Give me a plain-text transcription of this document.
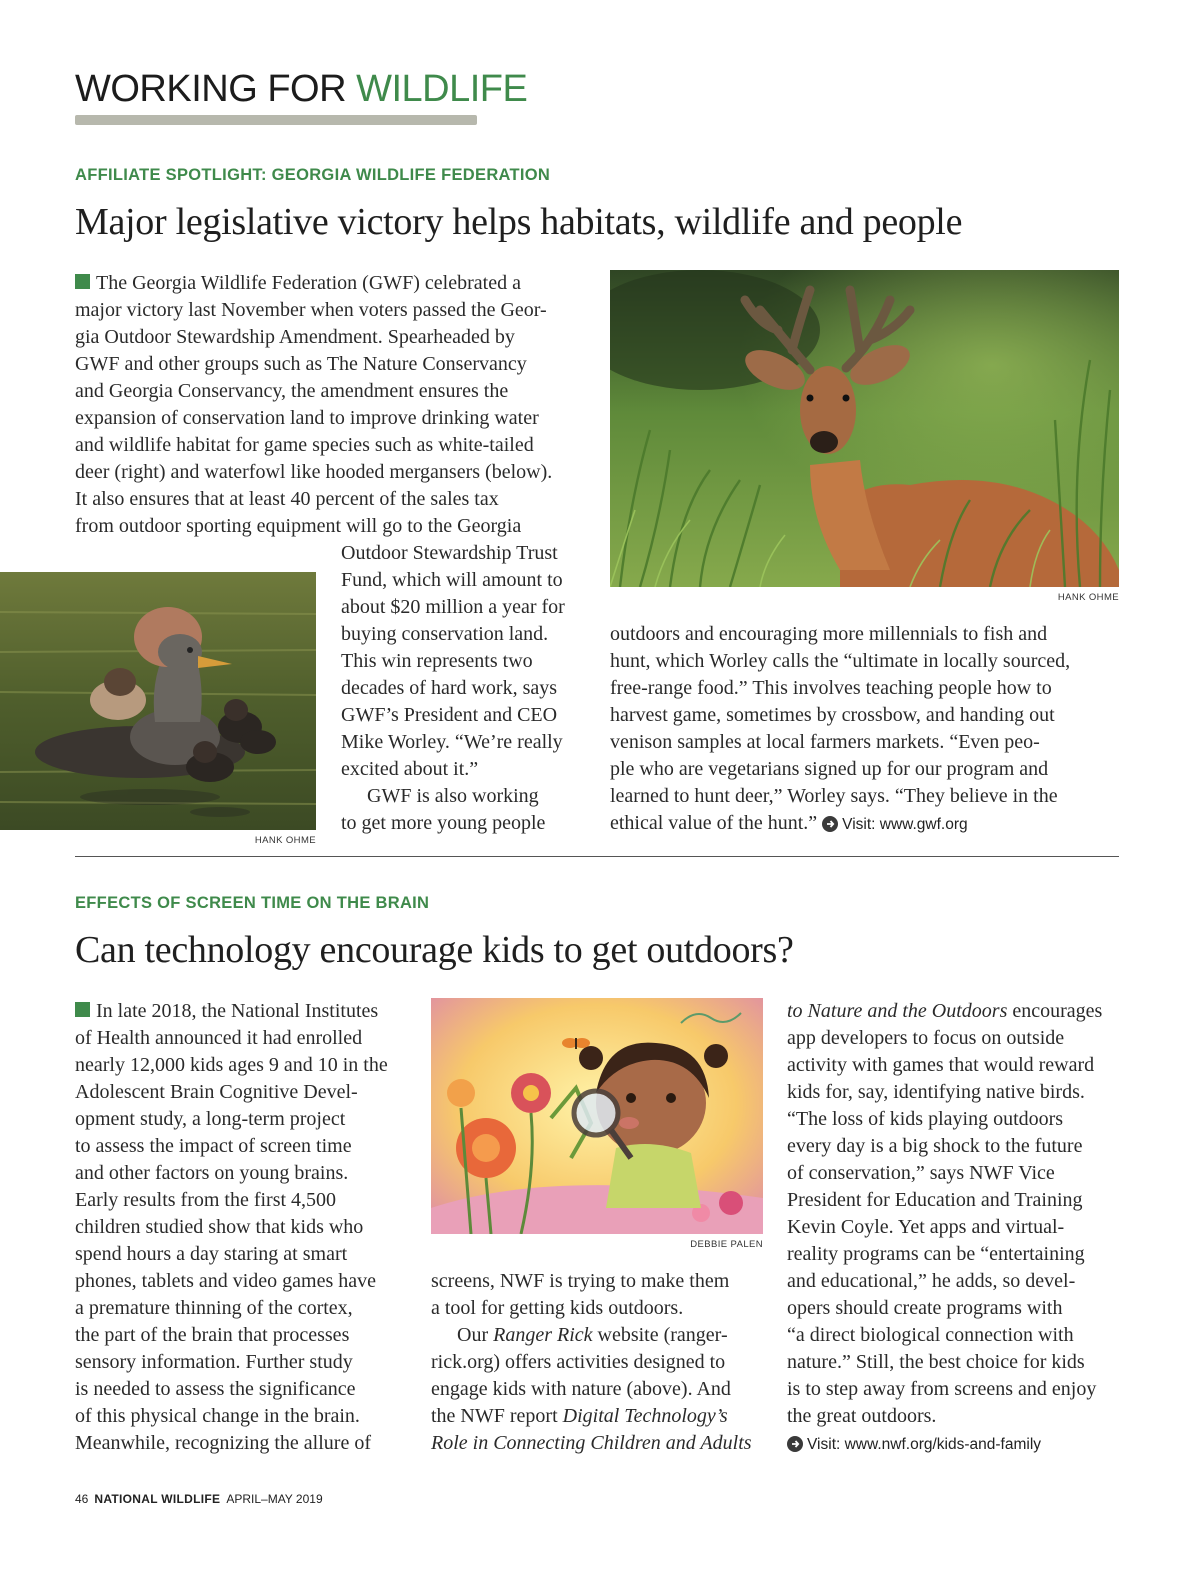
WORKING FOR WILDLIFE
AFFILIATE SPOTLIGHT: GEORGIA WILDLIFE FEDERATION
Major legislative victory helps habitats, wildlife and people

The Georgia Wildlife Federation (GWF) celebrated a

major victory last November when voters passed the Geor-

gia Outdoor Stewardship Amendment. Spearheaded by

GWF and other groups such as The Nature Conservancy

and Georgia Conservancy, the amendment ensures the

expansion of conservation land to improve drinking water

and wildlife habitat for game species such as white-tailed

deer (right) and waterfowl like hooded mergansers (below).

It also ensures that at least 40 percent of the sales tax

from outdoor sporting equipment will go to the Georgia

Outdoor Stewardship Trust

Fund, which will amount to

about $20 million a year for

buying conservation land.

This win represents two

decades of hard work, says

GWF’s President and CEO

Mike Worley. “We’re really

excited about it.”

GWF is also working

to get more young people

HANK OHME
HANK OHME

outdoors and encouraging more millennials to fish and

hunt, which Worley calls the “ultimate in locally sourced,

free-range food.” This involves teaching people how to

harvest game, sometimes by crossbow, and handing out

venison samples at local farmers markets. “Even peo-

ple who are vegetarians signed up for our program and

learned to hunt deer,” Worley says. “They believe in the

ethical value of the hunt.” Visit: www.gwf.org

EFFECTS OF SCREEN TIME ON THE BRAIN
Can technology encourage kids to get outdoors?

In late 2018, the National Institutes

of Health announced it had enrolled

nearly 12,000 kids ages 9 and 10 in the

Adolescent Brain Cognitive Devel-

opment study, a long-term project

to assess the impact of screen time

and other factors on young brains.

Early results from the first 4,500

children studied show that kids who

spend hours a day staring at smart

phones, tablets and video games have

a premature thinning of the cortex,

the part of the brain that processes

sensory information. Further study

is needed to assess the significance

of this physical change in the brain.

Meanwhile, recognizing the allure of

DEBBIE PALEN

screens, NWF is trying to make them

a tool for getting kids outdoors.

Our Ranger Rick website (ranger-

rick.org) offers activities designed to

engage kids with nature (above). And

the NWF report Digital Technology’s

Role in Connecting Children and Adults

to Nature and the Outdoors encourages

app developers to focus on outside

activity with games that would reward

kids for, say, identifying native birds.

“The loss of kids playing outdoors

every day is a big shock to the future

of conservation,” says NWF Vice

President for Education and Training

Kevin Coyle. Yet apps and virtual-

reality programs can be “entertaining

and educational,” he adds, so devel-

opers should create programs with

“a direct biological connection with

nature.” Still, the best choice for kids

is to step away from screens and enjoy

the great outdoors.

Visit: www.nwf.org/kids-and-family

46 NATIONAL WILDLIFE APRIL–MAY 2019
